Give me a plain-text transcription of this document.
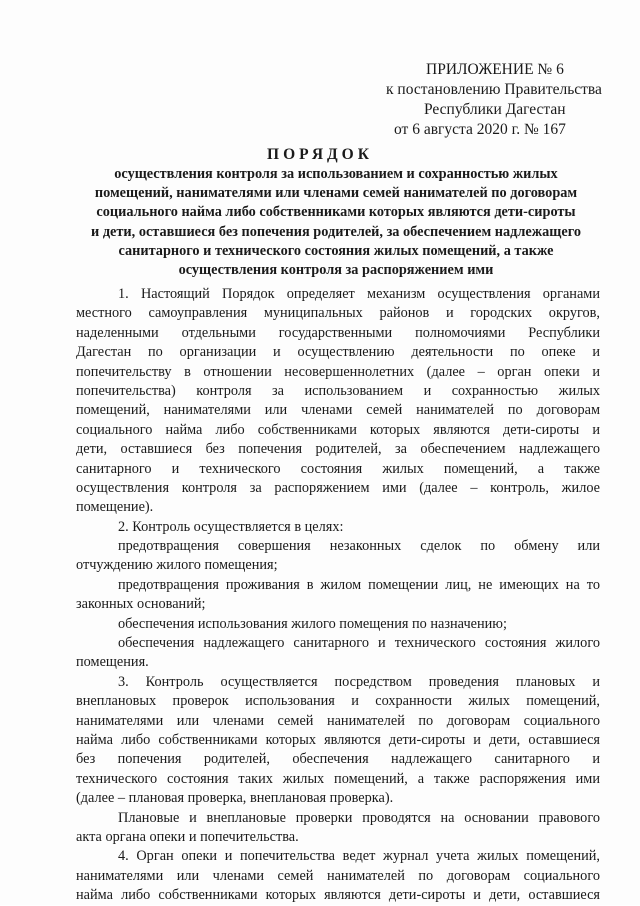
ПРИЛОЖЕНИЕ № 6
к постановлению Правительства
Республики Дагестан
от 6 августа 2020 г. № 167
ПОРЯДОК
осуществления контроля за использованием и сохранностью жилых
помещений, нанимателями или членами семей нанимателей по договорам
социального найма либо собственниками которых являются дети-сироты
и дети, оставшиеся без попечения родителей, за обеспечением надлежащего
санитарного и технического состояния жилых помещений, а также
осуществления контроля за распоряжением ими
1. Настоящий Порядок определяет механизм осуществления органами
местного самоуправления муниципальных районов и городских округов,
наделенными отдельными государственными полномочиями Республики
Дагестан по организации и осуществлению деятельности по опеке и
попечительству в отношении несовершеннолетних (далее – орган опеки и
попечительства) контроля за использованием и сохранностью жилых
помещений, нанимателями или членами семей нанимателей по договорам
социального найма либо собственниками которых являются дети-сироты и
дети, оставшиеся без попечения родителей, за обеспечением надлежащего
санитарного и технического состояния жилых помещений, а также
осуществления контроля за распоряжением ими (далее – контроль, жилое
помещение).
2. Контроль осуществляется в целях:
предотвращения совершения незаконных сделок по обмену или
отчуждению жилого помещения;
предотвращения проживания в жилом помещении лиц, не имеющих на то
законных оснований;
обеспечения использования жилого помещения по назначению;
обеспечения надлежащего санитарного и технического состояния жилого
помещения.
3. Контроль осуществляется посредством проведения плановых и
внеплановых проверок использования и сохранности жилых помещений,
нанимателями или членами семей нанимателей по договорам социального
найма либо собственниками которых являются дети-сироты и дети, оставшиеся
без попечения родителей, обеспечения надлежащего санитарного и
технического состояния таких жилых помещений, а также распоряжения ими
(далее – плановая проверка, внеплановая проверка).
Плановые и внеплановые проверки проводятся на основании правового
акта органа опеки и попечительства.
4. Орган опеки и попечительства ведет журнал учета жилых помещений,
нанимателями или членами семей нанимателей по договорам социального
найма либо собственниками которых являются дети-сироты и дети, оставшиеся
